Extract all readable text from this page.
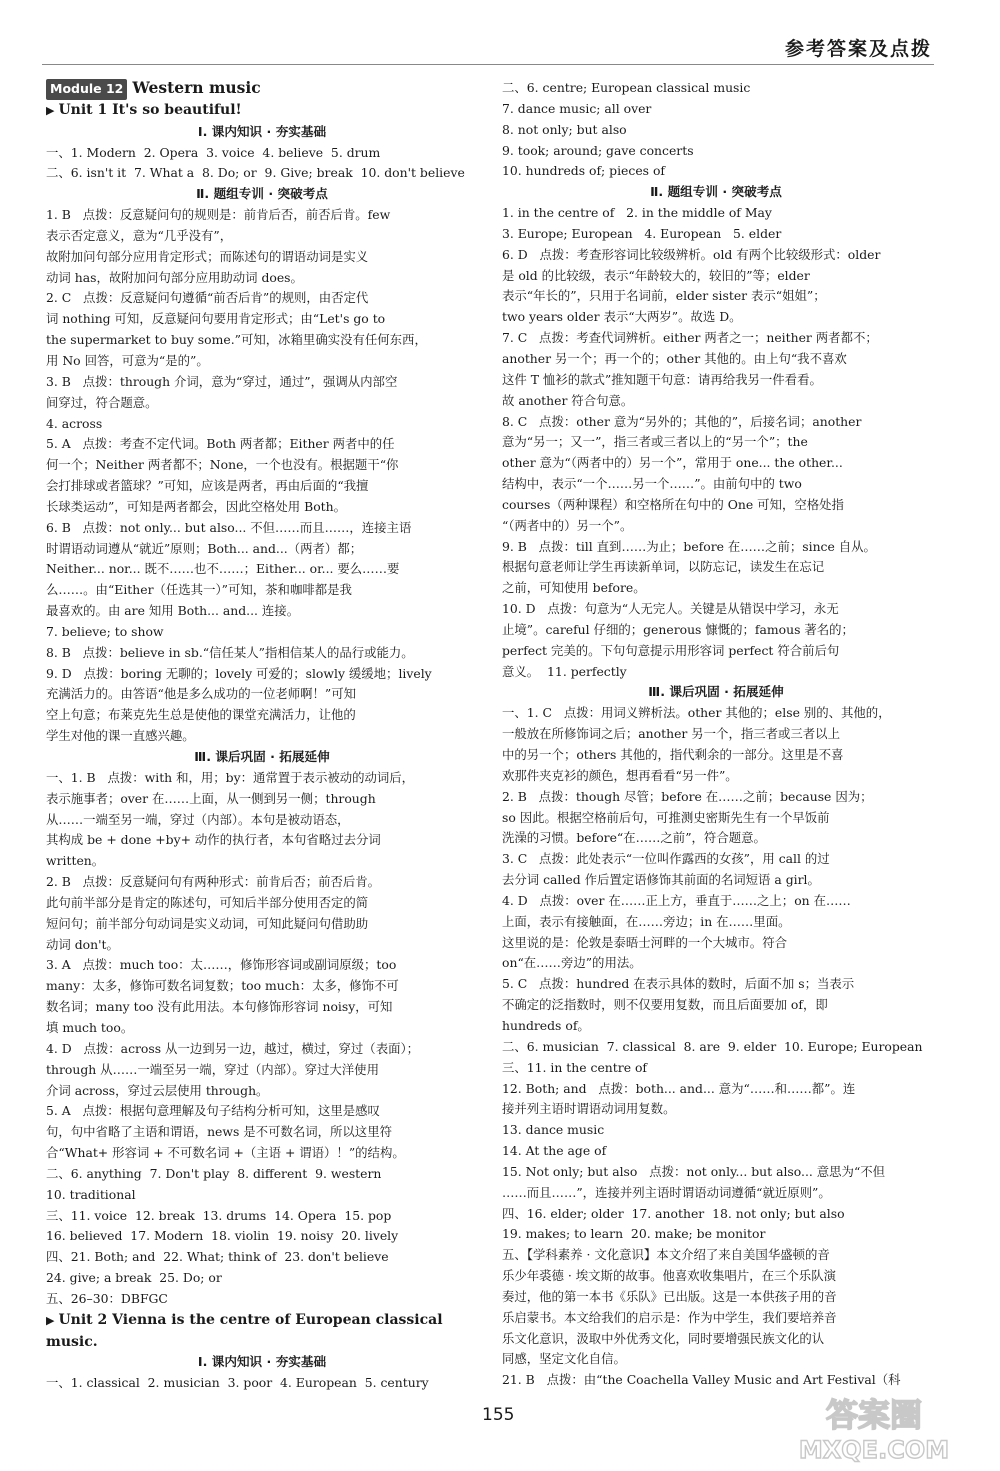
参考答案及点拨
Module 12 Western music
▶ Unit 1 It's so beautiful!
Ⅰ. 课内知识 · 夯实基础
一、1. Modern  2. Opera  3. voice  4. believe  5. drum
二、6. isn't it  7. What a  8. Do; or  9. Give; break  10. don't believe
Ⅱ. 题组专训 · 突破考点
1. B   点拨：反意疑问句的规则是：前肯后否，前否后肯。few
表示否定意义，意为“几乎没有”，
故附加问句部分应用肯定形式；而陈述句的谓语动词是实义
动词 has，故附加问句部分应用助动词 does。
2. C   点拨：反意疑问句遵循“前否后肯”的规则，由否定代
词 nothing 可知，反意疑问句要用肯定形式；由“Let's go to
the supermarket to buy some.”可知，冰箱里确实没有任何东西，
用 No 回答，可意为“是的”。
3. B   点拨：through 介词，意为“穿过，通过”，强调从内部空
间穿过，符合题意。
4. across
5. A   点拨：考查不定代词。Both 两者都；Either 两者中的任
何一个；Neither 两者都不；None，一个也没有。根据题干“你
会打排球或者篮球？”可知，应该是两者，再由后面的“我擅
长球类运动”，可知是两者都会，因此空格处用 Both。
6. B   点拨：not only... but also... 不但……而且……，连接主语
时谓语动词遵从“就近”原则；Both... and...（两者）都；
Neither... nor... 既不……也不……；Either... or... 要么……要
么……。由“Either（任选其一）”可知，茶和咖啡都是我
最喜欢的。由 are 知用 Both... and... 连接。
7. believe; to show
8. B   点拨：believe in sb.“信任某人”指相信某人的品行或能力。
9. D   点拨：boring 无聊的；lovely 可爱的；slowly 缓缓地；lively
充满活力的。由答语“他是多么成功的一位老师啊！”可知
空上句意；布莱克先生总是使他的课堂充满活力，让他的
学生对他的课一直感兴趣。
Ⅲ. 课后巩固 · 拓展延伸
一、1. B   点拨：with 和，用；by：通常置于表示被动的动词后，
表示施事者；over 在……上面，从一侧到另一侧；through
从……一端至另一端，穿过（内部）。本句是被动语态，
其构成 be + done +by+ 动作的执行者，本句省略过去分词
written。
2. B   点拨：反意疑问句有两种形式：前肯后否；前否后肯。
此句前半部分是肯定的陈述句，可知后半部分使用否定的简
短问句；前半部分句动词是实义动词，可知此疑问句借助助
动词 don't。
3. A   点拨：much too：太……，修饰形容词或副词原级；too
many：太多，修饰可数名词复数；too much：太多，修饰不可
数名词；many too 没有此用法。本句修饰形容词 noisy，可知
填 much too。
4. D   点拨：across 从一边到另一边，越过，横过，穿过（表面）；
through 从……一端至另一端，穿过（内部）。穿过大洋使用
介词 across，穿过云层使用 through。
5. A   点拨：根据句意理解及句子结构分析可知，这里是感叹
句，句中省略了主语和谓语，news 是不可数名词，所以这里符
合“What+ 形容词 + 不可数名词 +（主语 + 谓语）！”的结构。
二、6. anything  7. Don't play  8. different  9. western
10. traditional
三、11. voice  12. break  13. drums  14. Opera  15. pop
16. believed  17. Modern  18. violin  19. noisy  20. lively
四、21. Both; and  22. What; think of  23. don't believe
24. give; a break  25. Do; or
五、26–30：DBFGC
▶ Unit 2 Vienna is the centre of European classical music.
Ⅰ. 课内知识 · 夯实基础
一、1. classical  2. musician  3. poor  4. European  5. century
二、6. centre; European classical music
7. dance music; all over
8. not only; but also
9. took; around; gave concerts
10. hundreds of; pieces of
Ⅱ. 题组专训 · 突破考点
1. in the centre of   2. in the middle of May
3. Europe; European   4. European   5. elder
6. D   点拨：考查形容词比较级辨析。old 有两个比较级形式：older
是 old 的比较级，表示“年龄较大的，较旧的”等；elder
表示“年长的”，只用于名词前，elder sister 表示“姐姐”；
two years older 表示“大两岁”。故选 D。
7. C   点拨：考查代词辨析。either 两者之一；neither 两者都不；
another 另一个；再一个的；other 其他的。由上句“我不喜欢
这件 T 恤衫的款式”推知题干句意：请再给我另一件看看。
故 another 符合句意。
8. C   点拨：other 意为“另外的；其他的”，后接名词；another
意为“另一；又一”，指三者或三者以上的“另一个”；the
other 意为“（两者中的）另一个”，常用于 one... the other...
结构中，表示“一个……另一个……”。由前句中的 two
courses（两种课程）和空格所在句中的 One 可知，空格处指
“（两者中的）另一个”。
9. B   点拨：till 直到……为止；before 在……之前；since 自从。
根据句意老师让学生再读新单词，以防忘记，读发生在忘记
之前，可知使用 before。
10. D   点拨：句意为“人无完人。关键是从错误中学习，永无
止境”。careful 仔细的；generous 慷慨的；famous 著名的；
perfect 完美的。下句句意提示用形容词 perfect 符合前后句
意义。  11. perfectly
Ⅲ. 课后巩固 · 拓展延伸
一、1. C   点拨：用词义辨析法。other 其他的；else 别的、其他的，
一般放在所修饰词之后；another 另一个，指三者或三者以上
中的另一个；others 其他的，指代剩余的一部分。这里是不喜
欢那件夹克衫的颜色，想再看看“另一件”。
2. B   点拨：though 尽管；before 在……之前；because 因为；
so 因此。根据空格前后句，可推测史密斯先生有一个早饭前
洗澡的习惯。before“在……之前”，符合题意。
3. C   点拨：此处表示“一位叫作露西的女孩”，用 call 的过
去分词 called 作后置定语修饰其前面的名词短语 a girl。
4. D   点拨：over 在……正上方，垂直于……之上；on 在……
上面，表示有接触面，在……旁边；in 在……里面。
这里说的是：伦敦是泰晤士河畔的一个大城市。符合
on“在……旁边”的用法。
5. C   点拨：hundred 在表示具体的数时，后面不加 s；当表示
不确定的泛指数时，则不仅要用复数，而且后面要加 of，即
hundreds of。
二、6. musician  7. classical  8. are  9. elder  10. Europe; European
三、11. in the centre of
12. Both; and   点拨：both... and... 意为“……和……都”。连
接并列主语时谓语动词用复数。
13. dance music
14. At the age of
15. Not only; but also   点拨：not only... but also... 意思为“不但
……而且……”，连接并列主语时谓语动词遵循“就近原则”。
四、16. elder; older  17. another  18. not only; but also
19. makes; to learn  20. make; be monitor
五、【学科素养 · 文化意识】本文介绍了来自美国华盛顿的音
乐少年裘德 · 埃文斯的故事。他喜欢收集唱片，在三个乐队演
奏过，他的第一本书《乐队》已出版。这是一本供孩子用的音
乐启蒙书。本文给我们的启示是：作为中学生，我们要培养音
乐文化意识，汲取中外优秀文化，同时要增强民族文化的认
同感，坚定文化自信。
21. B   点拨：由“the Coachella Valley Music and Art Festival（科
155	答案圈
MXQE.COM
